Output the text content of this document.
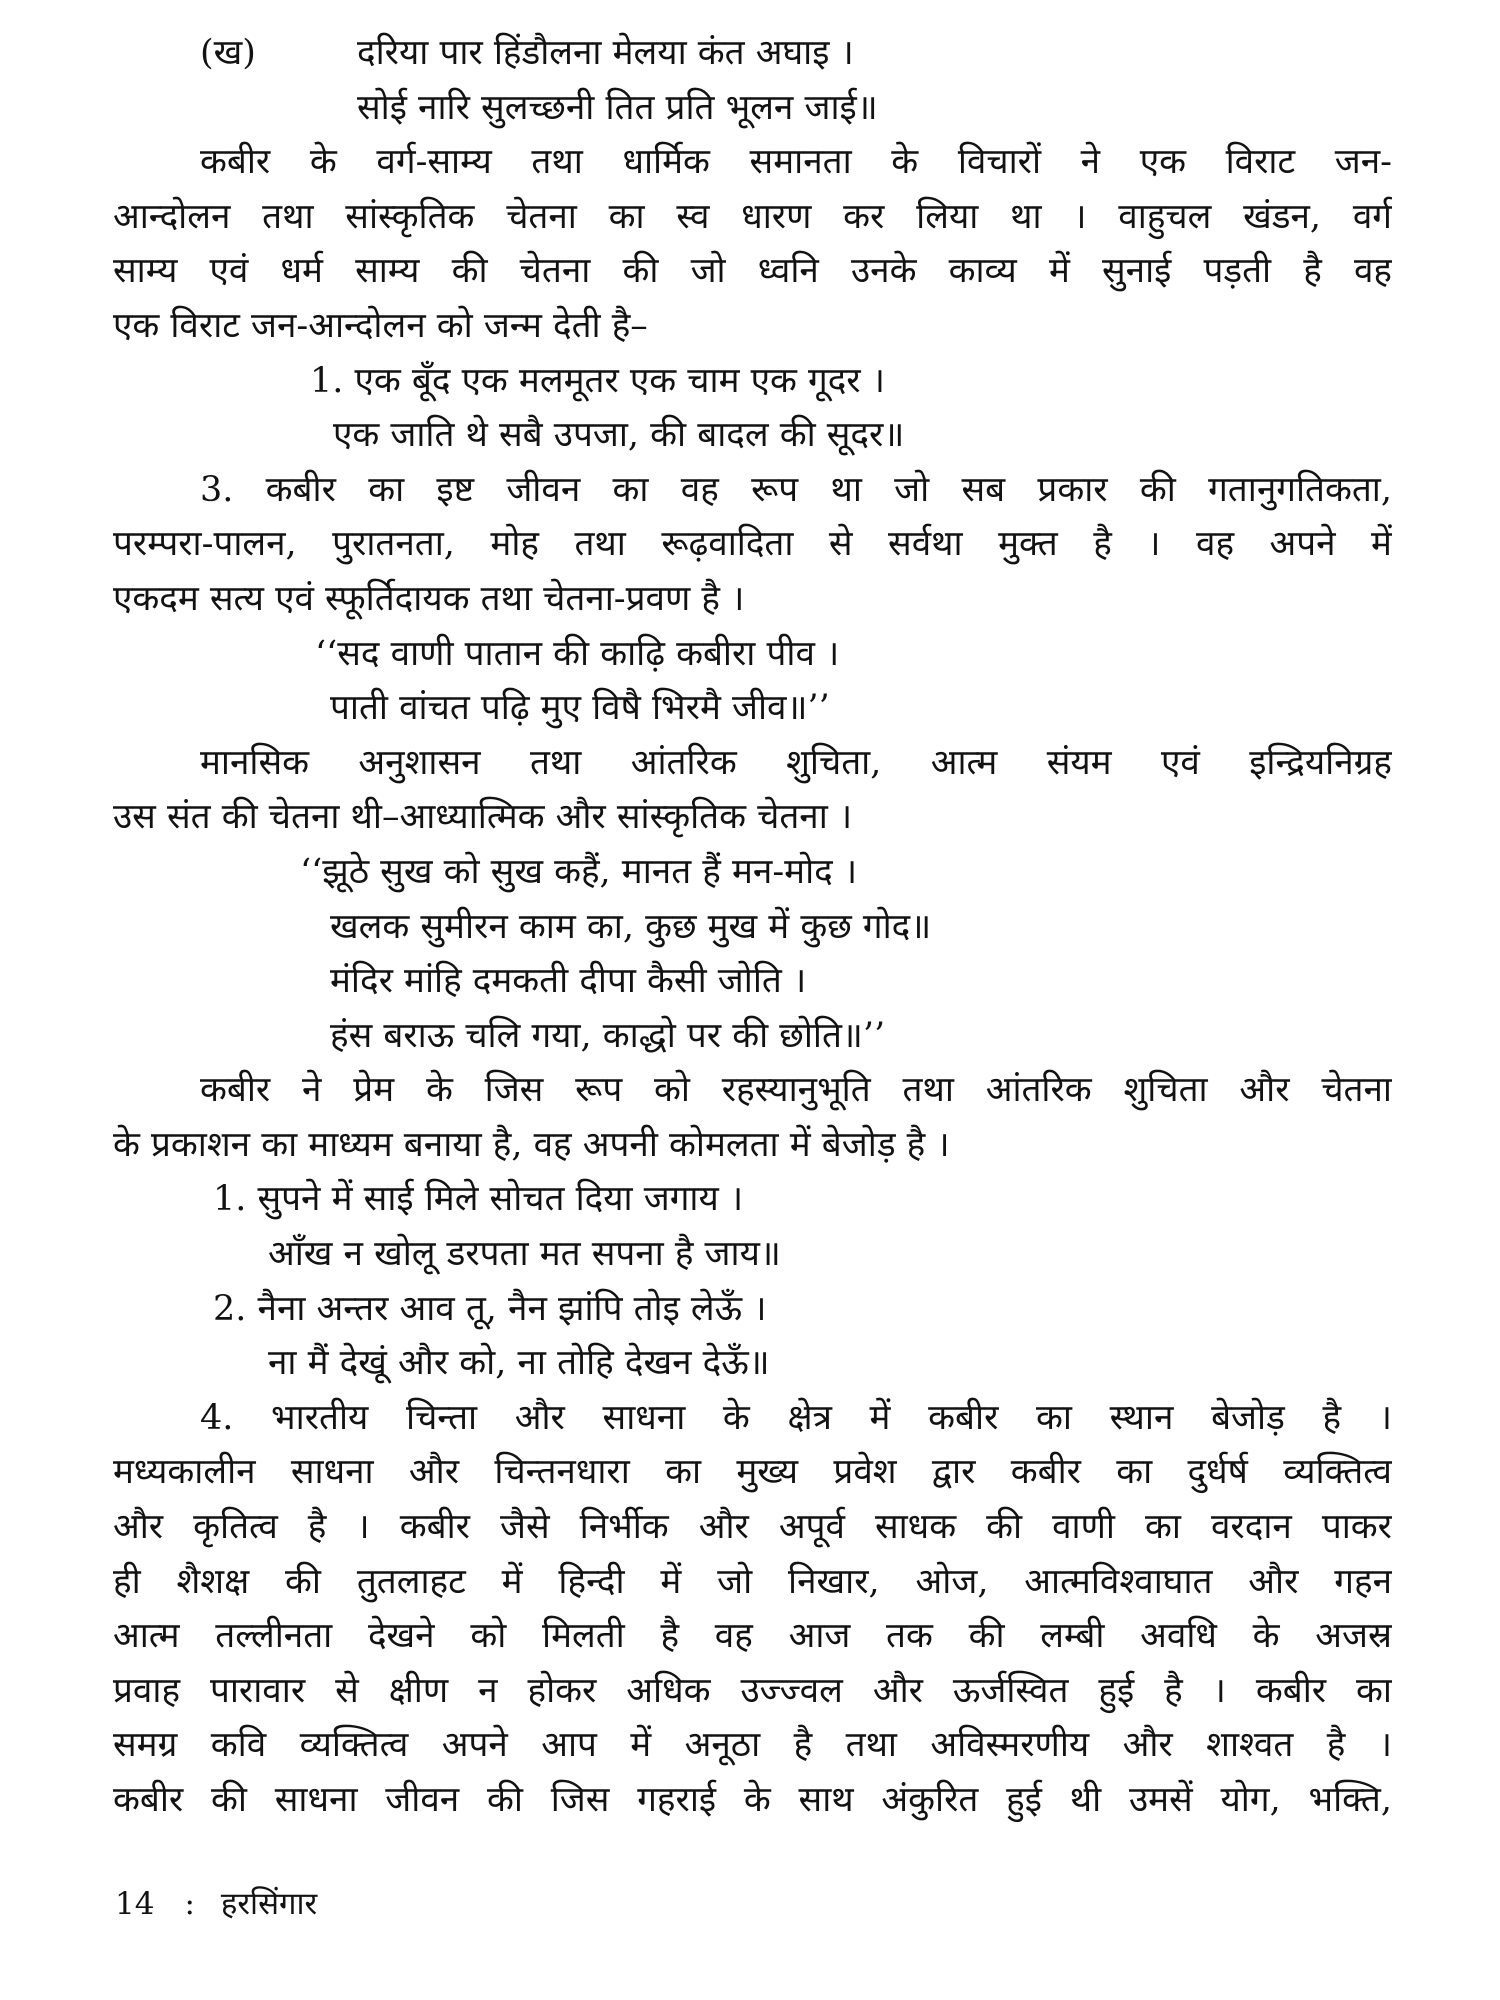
(ख)	दरिया पार हिंडौलना मेलया कंत अघाइ ।
सोई नारि सुलच्छनी तित प्रति भूलन जाई॥
कबीर के वर्ग-साम्य तथा धार्मिक समानता के विचारों ने एक विराट जन-
आन्दोलन तथा सांस्कृतिक चेतना का स्व धारण कर लिया था । वाहुचल खंडन, वर्ग
साम्य एवं धर्म साम्य की चेतना की जो ध्वनि उनके काव्य में सुनाई पड़ती है वह
एक विराट जन-आन्दोलन को जन्म देती है–
1. एक बूँद एक मलमूतर एक चाम एक गूदर ।
एक जाति थे सबै उपजा, की बादल की सूदर॥
3. कबीर का इष्ट जीवन का वह रूप था जो सब प्रकार की गतानुगतिकता,
परम्परा-पालन, पुरातनता, मोह तथा रूढ़वादिता से सर्वथा मुक्त है । वह अपने में
एकदम सत्य एवं स्फूर्तिदायक तथा चेतना-प्रवण है ।
‘‘सद वाणी पातान की काढ़ि कबीरा पीव ।
पाती वांचत पढ़ि मुए विषै भिरमै जीव॥’’
मानसिक अनुशासन तथा आंतरिक शुचिता, आत्म संयम एवं इन्द्रियनिग्रह
उस संत की चेतना थी–आध्यात्मिक और सांस्कृतिक चेतना ।
‘‘झूठे सुख को सुख कहैं, मानत हैं मन-मोद ।
खलक सुमीरन काम का, कुछ मुख में कुछ गोद॥
मंदिर मांहि दमकती दीपा कैसी जोति ।
हंस बराऊ चलि गया, काद्धो पर की छोति॥’’
कबीर ने प्रेम के जिस रूप को रहस्यानुभूति तथा आंतरिक शुचिता और चेतना
के प्रकाशन का माध्यम बनाया है, वह अपनी कोमलता में बेजोड़ है ।
1. सुपने में साई मिले सोचत दिया जगाय ।
आँख न खोलू डरपता मत सपना है जाय॥
2. नैना अन्तर आव तू, नैन झांपि तोइ लेऊँ ।
ना मैं देखूं और को, ना तोहि देखन देऊँ॥
4. भारतीय चिन्ता और साधना के क्षेत्र में कबीर का स्थान बेजोड़ है ।
मध्यकालीन साधना और चिन्तनधारा का मुख्य प्रवेश द्वार कबीर का दुर्धर्ष व्यक्तित्व
और कृतित्व है । कबीर जैसे निर्भीक और अपूर्व साधक की वाणी का वरदान पाकर
ही शैशक्ष की तुतलाहट में हिन्दी में जो निखार, ओज, आत्मविश्वाघात और गहन
आत्म तल्लीनता देखने को मिलती है वह आज तक की लम्बी अवधि के अजस्र
प्रवाह पारावार से क्षीण न होकर अधिक उज्ज्वल और ऊर्जस्वित हुई है । कबीर का
समग्र कवि व्यक्तित्व अपने आप में अनूठा है तथा अविस्मरणीय और शाश्वत है ।
कबीर की साधना जीवन की जिस गहराई के साथ अंकुरित हुई थी उमसें योग, भक्ति,
14 : हरसिंगार
